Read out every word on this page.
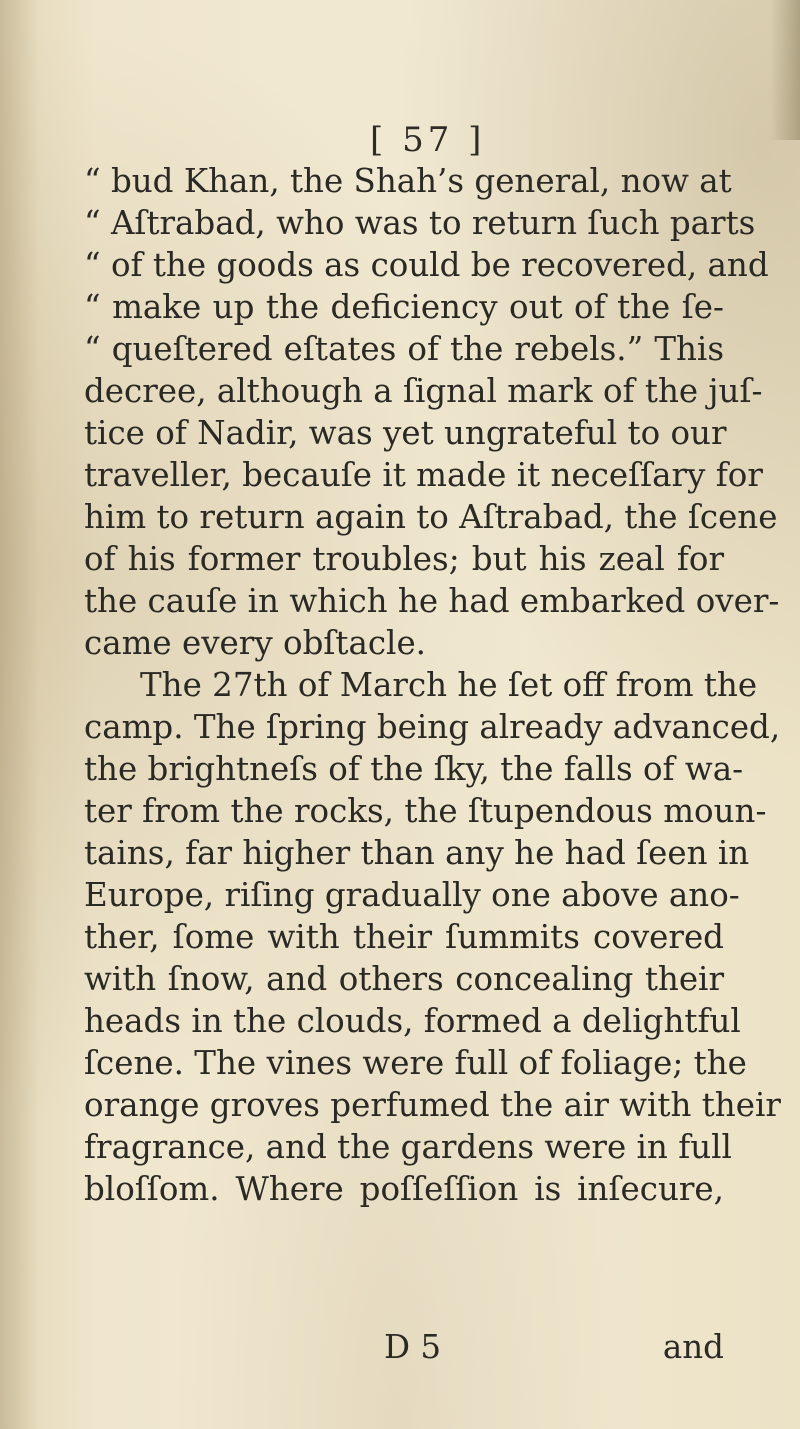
[ 57 ]
“ bud Khan, the Shah’s general, now at
“ Aſtrabad, who was to return ſuch parts
“ of the goods as could be recovered, and
“ make up the deficiency out of the ſe-
“ queſtered eſtates of the rebels.” This
decree, although a ſignal mark of the juſ-
tice of Nadir, was yet ungrateful to our
traveller, becauſe it made it neceſſary for
him to return again to Aſtrabad, the ſcene
of his former troubles; but his zeal for
the cauſe in which he had embarked over-
came every obſtacle.
The 27th of March he ſet off from the
camp. The ſpring being already advanced,
the brightneſs of the ſky, the falls of wa-
ter from the rocks, the ſtupendous moun-
tains, far higher than any he had ſeen in
Europe, riſing gradually one above ano-
ther, ſome with their ſummits covered
with ſnow, and others concealing their
heads in the clouds, formed a delightful
ſcene. The vines were full of foliage; the
orange groves perfumed the air with their
fragrance, and the gardens were in full
bloſſom. Where poſſeſſion is inſecure,
D 5	and
